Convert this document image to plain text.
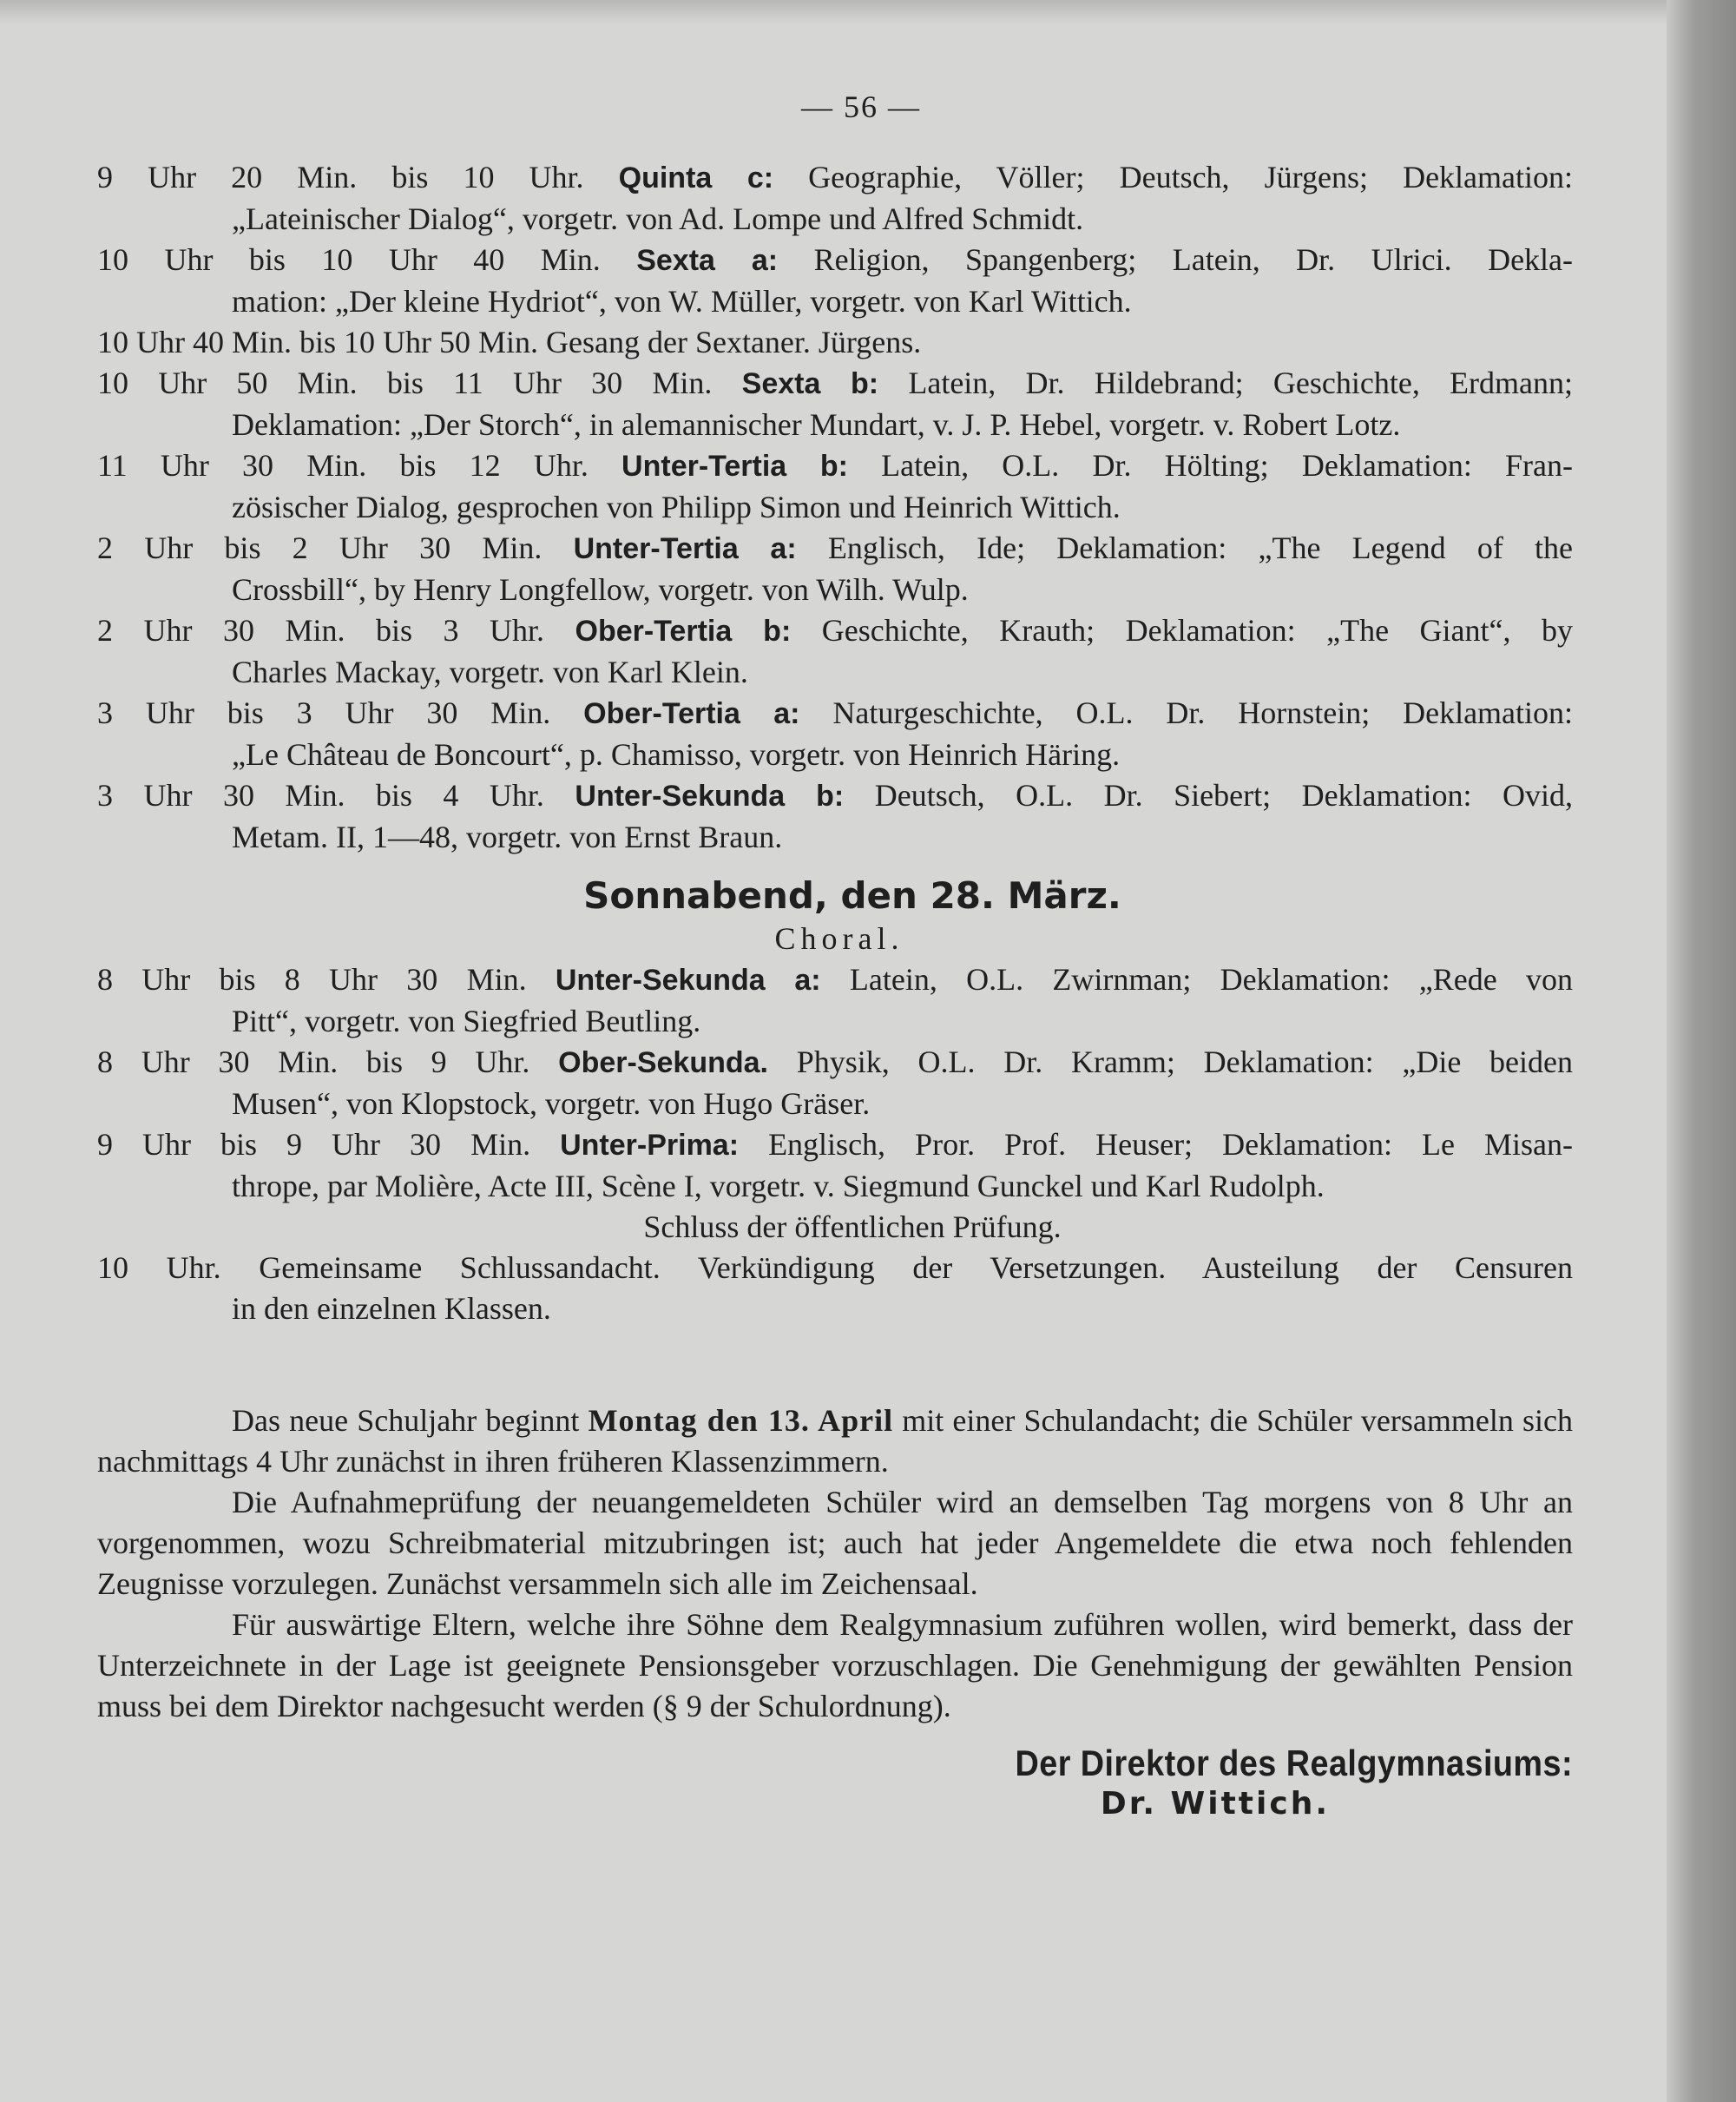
— 56 —
9 Uhr 20 Min. bis 10 Uhr. Quinta c: Geographie, Völler; Deutsch, Jürgens; Deklamation:
„Lateinischer Dialog“, vorgetr. von Ad. Lompe und Alfred Schmidt.
10 Uhr bis 10 Uhr 40 Min. Sexta a: Religion, Spangenberg; Latein, Dr. Ulrici. Dekla-
mation: „Der kleine Hydriot“, von W. Müller, vorgetr. von Karl Wittich.
10 Uhr 40 Min. bis 10 Uhr 50 Min. Gesang der Sextaner. Jürgens.
10 Uhr 50 Min. bis 11 Uhr 30 Min. Sexta b: Latein, Dr. Hildebrand; Geschichte, Erdmann;
Deklamation: „Der Storch“, in alemannischer Mundart, v. J. P. Hebel, vorgetr. v. Robert Lotz.
11 Uhr 30 Min. bis 12 Uhr. Unter-Tertia b: Latein, O.L. Dr. Hölting; Deklamation: Fran-
zösischer Dialog, gesprochen von Philipp Simon und Heinrich Wittich.
2 Uhr bis 2 Uhr 30 Min. Unter-Tertia a: Englisch, Ide; Deklamation: „The Legend of the
Crossbill“, by Henry Longfellow, vorgetr. von Wilh. Wulp.
2 Uhr 30 Min. bis 3 Uhr. Ober-Tertia b: Geschichte, Krauth; Deklamation: „The Giant“, by
Charles Mackay, vorgetr. von Karl Klein.
3 Uhr bis 3 Uhr 30 Min. Ober-Tertia a: Naturgeschichte, O.L. Dr. Hornstein; Deklamation:
„Le Château de Boncourt“, p. Chamisso, vorgetr. von Heinrich Häring.
3 Uhr 30 Min. bis 4 Uhr. Unter-Sekunda b: Deutsch, O.L. Dr. Siebert; Deklamation: Ovid,
Metam. II, 1—48, vorgetr. von Ernst Braun.
Sonnabend, den 28. März.
Choral.
8 Uhr bis 8 Uhr 30 Min. Unter-Sekunda a: Latein, O.L. Zwirnman; Deklamation: „Rede von
Pitt“, vorgetr. von Siegfried Beutling.
8 Uhr 30 Min. bis 9 Uhr. Ober-Sekunda. Physik, O.L. Dr. Kramm; Deklamation: „Die beiden
Musen“, von Klopstock, vorgetr. von Hugo Gräser.
9 Uhr bis 9 Uhr 30 Min. Unter-Prima: Englisch, Pror. Prof. Heuser; Deklamation: Le Misan-
thrope, par Molière, Acte III, Scène I, vorgetr. v. Siegmund Gunckel und Karl Rudolph.
Schluss der öffentlichen Prüfung.
10 Uhr. Gemeinsame Schlussandacht. Verkündigung der Versetzungen. Austeilung der Censuren
in den einzelnen Klassen.

Das neue Schuljahr beginnt Montag den 13. April mit einer Schulandacht; die Schüler versammeln sich nachmittags 4 Uhr zunächst in ihren früheren Klassenzimmern.

Die Aufnahmeprüfung der neuangemeldeten Schüler wird an demselben Tag morgens von 8 Uhr an vorgenommen, wozu Schreibmaterial mitzubringen ist; auch hat jeder Angemeldete die etwa noch fehlenden Zeugnisse vorzulegen. Zunächst versammeln sich alle im Zeichensaal.

Für auswärtige Eltern, welche ihre Söhne dem Realgymnasium zuführen wollen, wird bemerkt, dass der Unterzeichnete in der Lage ist geeignete Pensionsgeber vorzuschlagen. Die Genehmigung der gewählten Pension muss bei dem Direktor nachgesucht werden (§ 9 der Schulordnung).

Der Direktor des Realgymnasiums:
Dr. Wittich.
